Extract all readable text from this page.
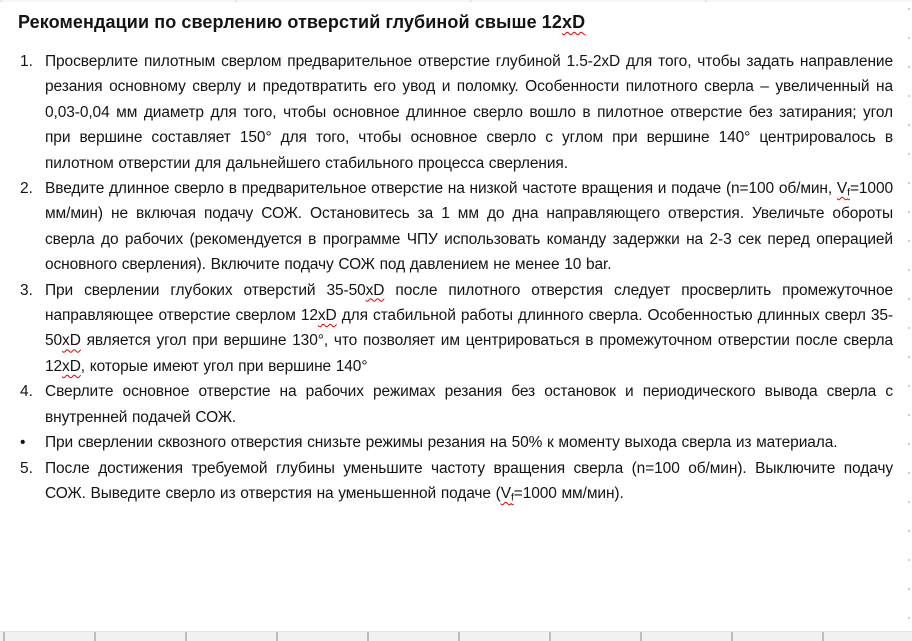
Рекомендации по сверлению отверстий глубиной свыше 12xD
1. Просверлите пилотным сверлом предварительное отверстие глубиной 1.5-2xD для того, чтобы задать направление резания основному сверлу и предотвратить его увод и поломку. Особенности пилотного сверла – увеличенный на 0,03-0,04 мм диаметр для того, чтобы основное длинное сверло вошло в пилотное отверстие без затирания; угол при вершине составляет 150° для того, чтобы основное сверло с углом при вершине 140° центрировалось в пилотном отверстии для дальнейшего стабильного процесса сверления.
2. Введите длинное сверло в предварительное отверстие на низкой частоте вращения и подаче (n=100 об/мин, $V_f=1000$ мм/мин) не включая подачу СОЖ. Остановитесь за 1 мм до дна направляющего отверстия. Увеличьте обороты сверла до рабочих (рекомендуется в программе ЧПУ использовать команду задержки на 2-3 сек перед операцией основного сверления). Включите подачу СОЖ под давлением не менее 10 bar.
3. При сверлении глубоких отверстий 35-50xD после пилотного отверстия следует просверлить промежуточное направляющее отверстие сверлом 12xD для стабильной работы длинного сверла. Особенностью длинных сверл 35-50xD является угол при вершине 130°, что позволяет им центрироваться в промежуточном отверстии после сверла 12xD, которые имеют угол при вершине 140°
4. Сверлите основное отверстие на рабочих режимах резания без остановок и периодического вывода сверла с внутренней подачей СОЖ.
•	При сверлении сквозного отверстия снизьте режимы резания на 50% к моменту выхода сверла из материала.
5. После достижения требуемой глубины уменьшите частоту вращения сверла (n=100 об/мин). Выключите подачу СОЖ. Выведите сверло из отверстия на уменьшенной подаче ($V_f=1000$ мм/мин).
